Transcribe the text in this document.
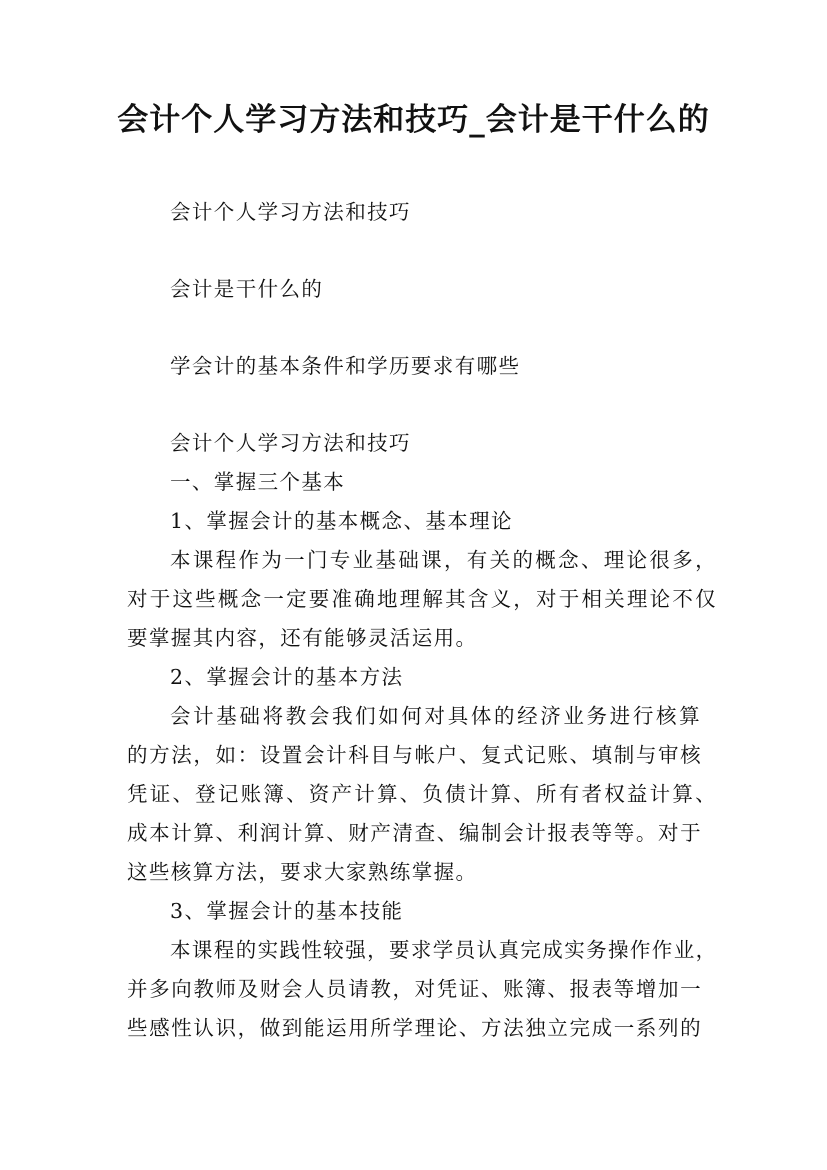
会计个人学习方法和技巧_会计是干什么的
会计个人学习方法和技巧
会计是干什么的
学会计的基本条件和学历要求有哪些
会计个人学习方法和技巧
一、掌握三个基本
1、掌握会计的基本概念、基本理论
本课程作为一门专业基础课，有关的概念、理论很多，
对于这些概念一定要准确地理解其含义，对于相关理论不仅
要掌握其内容，还有能够灵活运用。
2、掌握会计的基本方法
会计基础将教会我们如何对具体的经济业务进行核算
的方法，如：设置会计科目与帐户、复式记账、填制与审核
凭证、登记账簿、资产计算、负债计算、所有者权益计算、
成本计算、利润计算、财产清查、编制会计报表等等。对于
这些核算方法，要求大家熟练掌握。
3、掌握会计的基本技能
本课程的实践性较强，要求学员认真完成实务操作作业，
并多向教师及财会人员请教，对凭证、账簿、报表等增加一
些感性认识，做到能运用所学理论、方法独立完成一系列的
